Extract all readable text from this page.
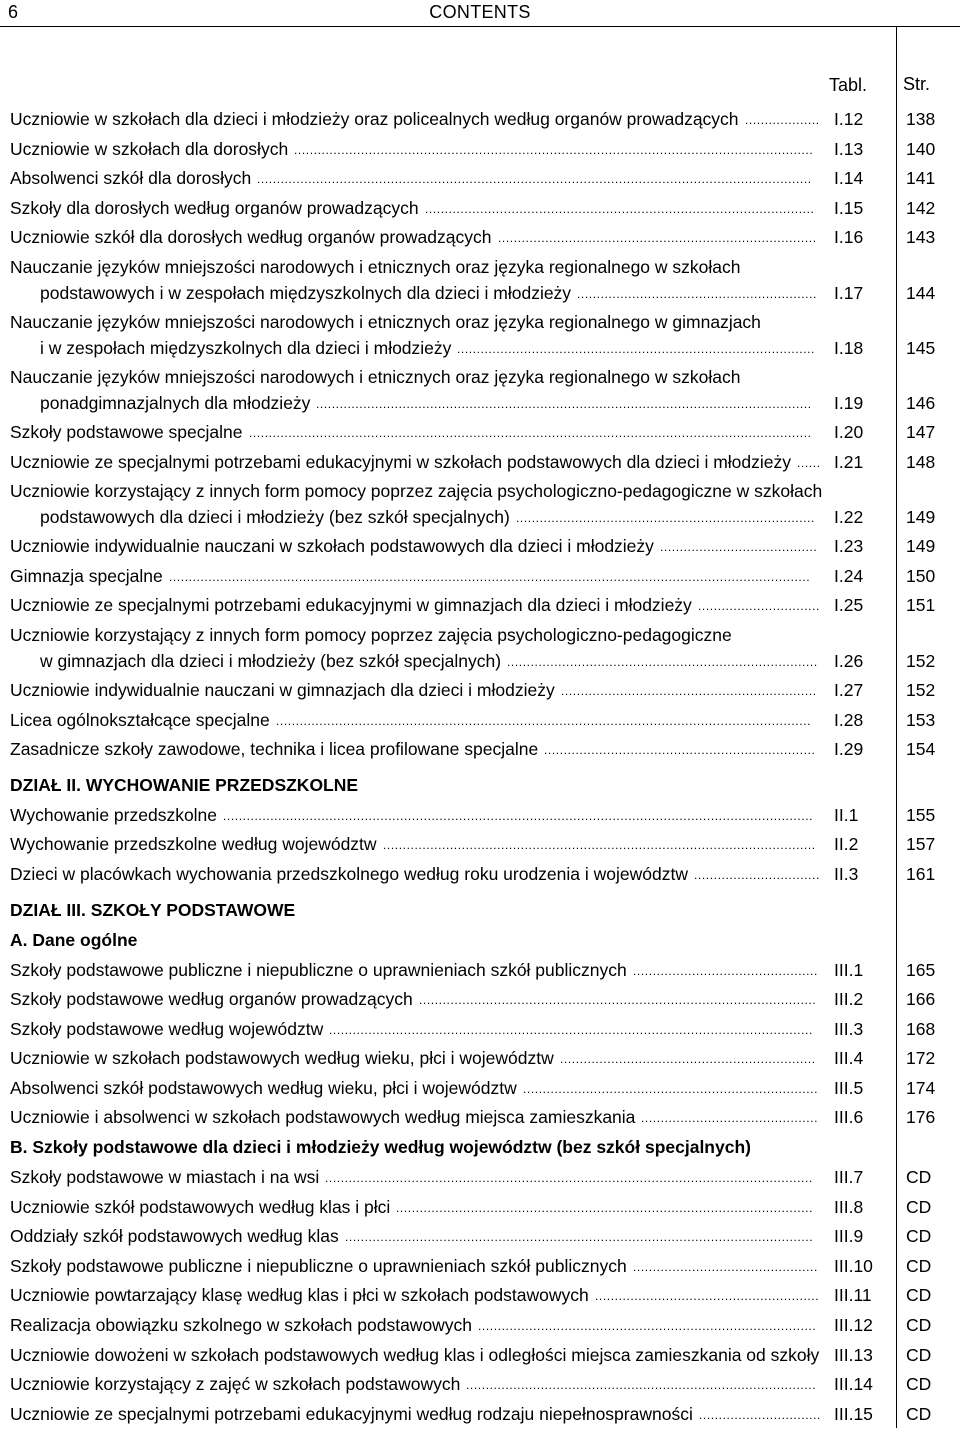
6	CONTENTS
Tabl. Str.
Uczniowie w szkołach dla dzieci i młodzieży oraz policealnych według organów prowadzących ................... I.12 138
Uczniowie w szkołach dla dorosłych .................................................................................................................................... I.13 140
Absolwenci szkół dla dorosłych ............................................................................................................................................. I.14 141
Szkoły dla dorosłych według organów prowadzących ................................................................................................... I.15 142
Uczniowie szkół dla dorosłych według organów prowadzących ................................................................................. I.16 143
Nauczanie języków mniejszości narodowych i etnicznych oraz języka regionalnego w szkołach
podstawowych i w zespołach międzyszkolnych dla dzieci i młodzieży ............................................................. I.17 144
Nauczanie języków mniejszości narodowych i etnicznych oraz języka regionalnego w gimnazjach
i w zespołach międzyszkolnych dla dzieci i młodzieży ........................................................................................... I.18 145
Nauczanie języków mniejszości narodowych i etnicznych oraz języka regionalnego w szkołach
ponadgimnazjalnych dla młodzieży .............................................................................................................................. I.19 146
Szkoły podstawowe specjalne ............................................................................................................................................... I.20 147
Uczniowie ze specjalnymi potrzebami edukacyjnymi w szkołach podstawowych dla dzieci i młodzieży ...... I.21 148
Uczniowie korzystający z innych form pomocy poprzez zajęcia psychologiczno-pedagogiczne w szkołach
podstawowych dla dzieci i młodzieży (bez szkół specjalnych) ............................................................................ I.22 149
Uczniowie indywidualnie nauczani w szkołach podstawowych dla dzieci i młodzieży ........................................ I.23 149
Gimnazja specjalne ................................................................................................................................................................... I.24 150
Uczniowie ze specjalnymi potrzebami edukacyjnymi w gimnazjach dla dzieci i młodzieży ............................... I.25 151
Uczniowie korzystający z innych form pomocy poprzez zajęcia psychologiczno-pedagogiczne
w gimnazjach dla dzieci i młodzieży (bez szkół specjalnych) ............................................................................... I.26 152
Uczniowie indywidualnie nauczani w gimnazjach dla dzieci i młodzieży ................................................................. I.27 152
Licea ogólnokształcące specjalne ........................................................................................................................................ I.28 153
Zasadnicze szkoły zawodowe, technika i licea profilowane specjalne ..................................................................... I.29 154
DZIAŁ II. WYCHOWANIE PRZEDSZKOLNE
Wychowanie przedszkolne ...................................................................................................................................................... II.1	155
Wychowanie przedszkolne według województw .............................................................................................................. II.2	157
Dzieci w placówkach wychowania przedszkolnego według roku urodzenia i województw ................................ II.3	161
DZIAŁ III. SZKOŁY PODSTAWOWE
A. Dane ogólne
Szkoły podstawowe publiczne i niepubliczne o uprawnieniach szkół publicznych ............................................... III.1 165
Szkoły podstawowe według organów prowadzących ..................................................................................................... III.2 166
Szkoły podstawowe według województw ........................................................................................................................... III.3 168
Uczniowie w szkołach podstawowych według wieku, płci i województw ................................................................. III.4 172
Absolwenci szkół podstawowych według wieku, płci i województw ........................................................................... III.5 174
Uczniowie i absolwenci w szkołach podstawowych według miejsca zamieszkania ............................................. III.6 176
B. Szkoły podstawowe dla dzieci i młodzieży według województw (bez szkół specjalnych)
Szkoły podstawowe w miastach i na wsi ............................................................................................................................ III.7 CD
Uczniowie szkół podstawowych według klas i płci .......................................................................................................... III.8 CD
Oddziały szkół podstawowych według klas ....................................................................................................................... III.9 CD
Szkoły podstawowe publiczne i niepubliczne o uprawnieniach szkół publicznych ............................................... III.10 CD
Uczniowie powtarzający klasę według klas i płci w szkołach podstawowych ......................................................... III.11 CD
Realizacja obowiązku szkolnego w szkołach podstawowych ...................................................................................... III.12 CD
Uczniowie dowożeni w szkołach podstawowych według klas i odległości miejsca zamieszkania od szkoły III.13 CD
Uczniowie korzystający z zajęć w szkołach podstawowych ......................................................................................... III.14 CD
Uczniowie ze specjalnymi potrzebami edukacyjnymi według rodzaju niepełnosprawności ............................... III.15 CD
